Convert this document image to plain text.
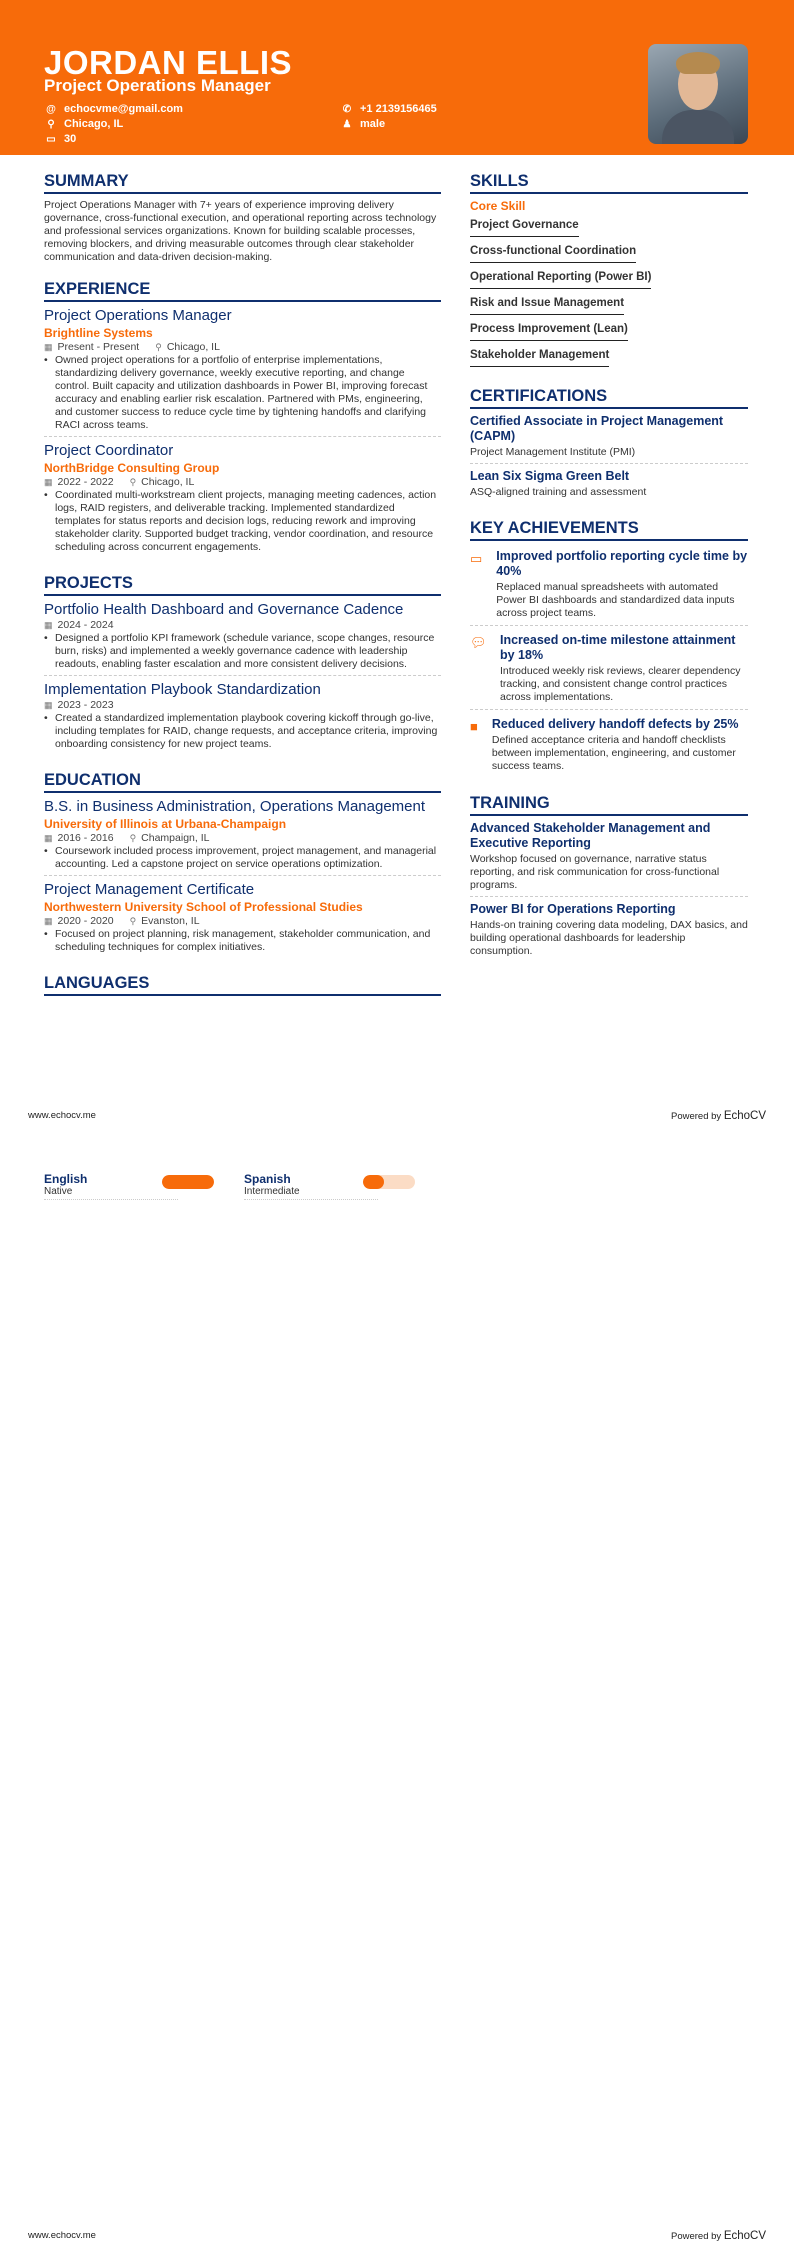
JORDAN ELLIS
Project Operations Manager
@ echocvme@gmail.com
⚲ Chicago, IL
▭ 30
✆ +1 2139156465
♟ male
SUMMARY

Project Operations Manager with 7+ years of experience improving delivery governance, cross-functional execution, and operational reporting across technology and professional services organizations. Known for building scalable processes, removing blockers, and driving measurable outcomes through clear stakeholder communication and data-driven decision-making.

EXPERIENCE
Project Operations Manager
Brightline Systems
▦ Present - Present ⚲ Chicago, IL
• Owned project operations for a portfolio of enterprise implementations, standardizing delivery governance, weekly executive reporting, and change control. Built capacity and utilization dashboards in Power BI, improving forecast accuracy and enabling earlier risk escalation. Partnered with PMs, engineering, and customer success to reduce cycle time by tightening handoffs and clarifying RACI across teams.
Project Coordinator
NorthBridge Consulting Group
▦ 2022 - 2022 ⚲ Chicago, IL
• Coordinated multi-workstream client projects, managing meeting cadences, action logs, RAID registers, and deliverable tracking. Implemented standardized templates for status reports and decision logs, reducing rework and improving stakeholder clarity. Supported budget tracking, vendor coordination, and resource scheduling across concurrent engagements.
PROJECTS
Portfolio Health Dashboard and Governance Cadence
▦ 2024 - 2024
• Designed a portfolio KPI framework (schedule variance, scope changes, resource burn, risks) and implemented a weekly governance cadence with leadership readouts, enabling faster escalation and more consistent delivery decisions.
Implementation Playbook Standardization
▦ 2023 - 2023
• Created a standardized implementation playbook covering kickoff through go-live, including templates for RAID, change requests, and acceptance criteria, improving onboarding consistency for new project teams.
EDUCATION
B.S. in Business Administration, Operations Management
University of Illinois at Urbana-Champaign
▦ 2016 - 2016 ⚲ Champaign, IL
• Coursework included process improvement, project management, and managerial accounting. Led a capstone project on service operations optimization.
Project Management Certificate
Northwestern University School of Professional Studies
▦ 2020 - 2020 ⚲ Evanston, IL
• Focused on project planning, risk management, stakeholder communication, and scheduling techniques for complex initiatives.
LANGUAGES
SKILLS
Core Skill
Project Governance
Cross-functional Coordination
Operational Reporting (Power BI)
Risk and Issue Management
Process Improvement (Lean)
Stakeholder Management
CERTIFICATIONS
Certified Associate in Project Management (CAPM)
Project Management Institute (PMI)
Lean Six Sigma Green Belt
ASQ-aligned training and assessment
KEY ACHIEVEMENTS
▭ Improved portfolio reporting cycle time by 40%
Replaced manual spreadsheets with automated Power BI dashboards and standardized data inputs across project teams.
💬︎ Increased on-time milestone attainment by 18%
Introduced weekly risk reviews, clearer dependency tracking, and consistent change control practices across implementations.
■ Reduced delivery handoff defects by 25%
Defined acceptance criteria and handoff checklists between implementation, engineering, and customer success teams.
TRAINING
Advanced Stakeholder Management and Executive Reporting
Workshop focused on governance, narrative status reporting, and risk communication for cross-functional programs.
Power BI for Operations Reporting
Hands-on training covering data modeling, DAX basics, and building operational dashboards for leadership consumption.
www.echocv.me	Powered by EchoCV
English
Native
Spanish
Intermediate
www.echocv.me	Powered by EchoCV
